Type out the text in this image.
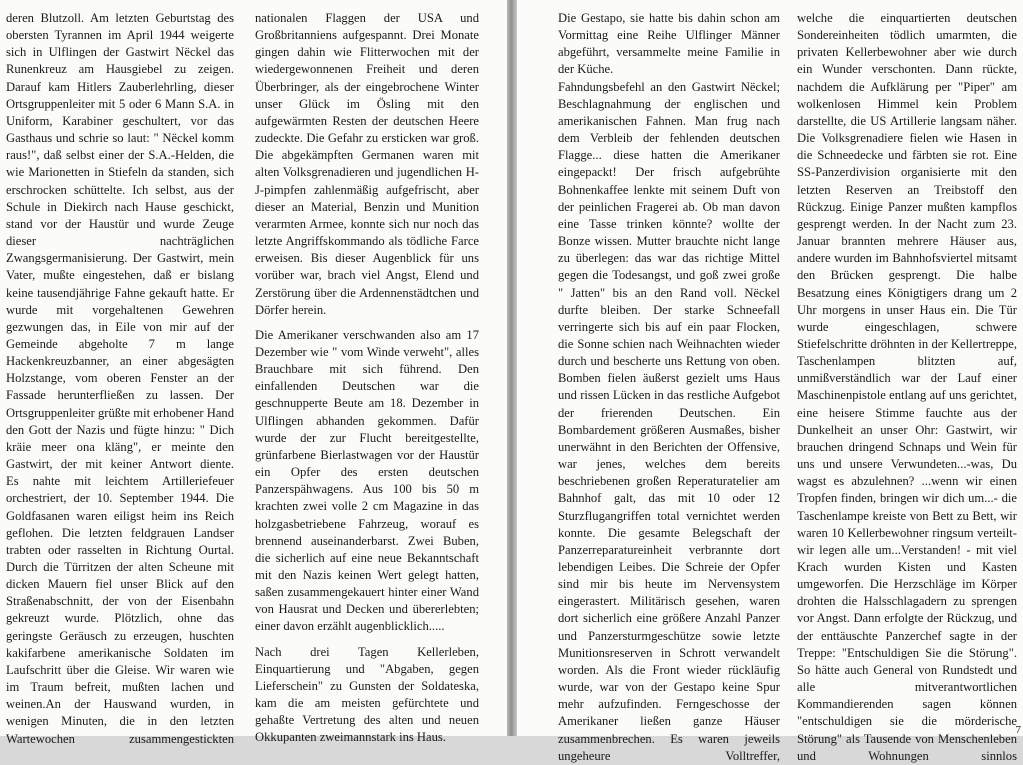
deren Blutzoll. Am letzten Geburtstag des obersten Tyrannen im April 1944 weigerte sich in Ulflingen der Gastwirt Nëckel das Runenkreuz am Hausgiebel zu zeigen. Darauf kam Hitlers Zauberlehrling, dieser Ortsgruppenleiter mit 5 oder 6 Mann S.A. in Uniform, Karabiner geschultert, vor das Gasthaus und schrie so laut: " Nëckel komm raus!", daß selbst einer der S.A.-Helden, die wie Marionetten in Stiefeln da standen, sich erschrocken schüttelte. Ich selbst, aus der Schule in Diekirch nach Hause geschickt, stand vor der Haustür und wurde Zeuge dieser nachträglichen Zwangsgermanisierung. Der Gastwirt, mein Vater, mußte eingestehen, daß er bislang keine tausendjährige Fahne gekauft hatte. Er wurde mit vorgehaltenen Gewehren gezwungen das, in Eile von mir auf der Gemeinde abgeholte 7 m lange Hackenkreuzbanner, an einer abgesägten Holzstange, vom oberen Fenster an der Fassade herunterfließen zu lassen. Der Ortsgruppenleiter grüßte mit erhobener Hand den Gott der Nazis und fügte hinzu: " Dich kräie meer ona kläng", er meinte den Gastwirt, der mit keiner Antwort diente.

Es nahte mit leichtem Artilleriefeuer orchestriert, der 10. September 1944. Die Goldfasanen waren eiligst heim ins Reich geflohen. Die letzten feldgrauen Landser trabten oder rasselten in Richtung Ourtal. Durch die Türritzen der alten Scheune mit dicken Mauern fiel unser Blick auf den Straßenabschnitt, der von der Eisenbahn gekreuzt wurde. Plötzlich, ohne das geringste Geräusch zu erzeugen, huschten kakifarbene amerikanische Soldaten im Laufschritt über die Gleise. Wir waren wie im Traum befreit, mußten lachen und weinen.An der Hauswand wurden, in wenigen Minuten, die in den letzten Wartewochen zusammengestickten

nationalen Flaggen der USA und Großbritanniens aufgespannt. Drei Monate gingen dahin wie Flitterwochen mit der wiedergewonnenen Freiheit und deren Überbringer, als der eingebrochene Winter unser Glück im Ösling mit den aufgewärmten Resten der deutschen Heere zudeckte. Die Gefahr zu ersticken war groß. Die abgekämpften Germanen waren mit alten Volksgrenadieren und jugendlichen H-J-pimpfen zahlenmäßig aufgefrischt, aber dieser an Material, Benzin und Munition verarmten Armee, konnte sich nur noch das letzte Angriffskommando als tödliche Farce erweisen. Bis dieser Augenblick für uns vorüber war, brach viel Angst, Elend und Zerstörung über die Ardennenstädtchen und Dörfer herein.

Die Amerikaner verschwanden also am 17 Dezember wie " vom Winde verweht", alles Brauchbare mit sich führend. Den einfallenden Deutschen war die geschnupperte Beute am 18. Dezember in Ulflingen abhanden gekommen. Dafür wurde der zur Flucht bereitgestellte, grünfarbene Bierlastwagen vor der Haustür ein Opfer des ersten deutschen Panzerspähwagens. Aus 100 bis 50 m krachten zwei volle 2 cm Magazine in das holzgasbetriebene Fahrzeug, worauf es brennend auseinanderbarst. Zwei Buben, die sicherlich auf eine neue Bekanntschaft mit den Nazis keinen Wert gelegt hatten, saßen zusammengekauert hinter einer Wand von Hausrat und Decken und übererlebten; einer davon erzählt augenblicklich.....

Nach drei Tagen Kellerleben, Einquartierung und "Abgaben, gegen Lieferschein" zu Gunsten der Soldateska, kam die am meisten gefürchtete und gehaßte Vertretung des alten und neuen Okkupanten zweimannstark ins Haus.

Die Gestapo, sie hatte bis dahin schon am Vormittag eine Reihe Ulflinger Männer abgeführt, versammelte meine Familie in der Küche.

Fahndungsbefehl an den Gastwirt Nëckel; Beschlagnahmung der englischen und amerikanischen Fahnen. Man frug nach dem Verbleib der fehlenden deutschen Flagge... diese hatten die Amerikaner eingepackt! Der frisch aufgebrühte Bohnenkaffee lenkte mit seinem Duft von der peinlichen Fragerei ab. Ob man davon eine Tasse trinken könnte? wollte der Bonze wissen. Mutter brauchte nicht lange zu überlegen: das war das richtige Mittel gegen die Todesangst, und goß zwei große " Jatten" bis an den Rand voll. Nëckel durfte bleiben. Der starke Schneefall verringerte sich bis auf ein paar Flocken, die Sonne schien nach Weihnachten wieder durch und bescherte uns Rettung von oben. Bomben fielen äußerst gezielt ums Haus und rissen Lücken in das restliche Aufgebot der frierenden Deutschen. Ein Bombardement größeren Ausmaßes, bisher unerwähnt in den Berichten der Offensive, war jenes, welches dem bereits beschriebenen großen Reperaturatelier am Bahnhof galt, das mit 10 oder 12 Sturzflugangriffen total vernichtet werden konnte. Die gesamte Belegschaft der Panzerreparatureinheit verbrannte dort lebendigen Leibes. Die Schreie der Opfer sind mir bis heute im Nervensystem eingerastert. Militärisch gesehen, waren dort sicherlich eine größere Anzahl Panzer und Panzersturmgeschütze sowie letzte Munitionsreserven in Schrott verwandelt worden. Als die Front wieder rückläufig wurde, war von der Gestapo keine Spur mehr aufzufinden. Ferngeschosse der Amerikaner ließen ganze Häuser zusammenbrechen. Es waren jeweils ungeheure Volltreffer,

welche die einquartierten deutschen Sondereinheiten tödlich umarmten, die privaten Kellerbewohner aber wie durch ein Wunder verschonten. Dann rückte, nachdem die Aufklärung per "Piper" am wolkenlosen Himmel kein Problem darstellte, die US Artillerie langsam näher. Die Volksgrenadiere fielen wie Hasen in die Schneedecke und färbten sie rot. Eine SS-Panzerdivision organisierte mit den letzten Reserven an Treibstoff den Rückzug. Einige Panzer mußten kampflos gesprengt werden. In der Nacht zum 23. Januar brannten mehrere Häuser aus, andere wurden im Bahnhofsviertel mitsamt den Brücken gesprengt. Die halbe Besatzung eines Königtigers drang um 2 Uhr morgens in unser Haus ein. Die Tür wurde eingeschlagen, schwere Stiefelschritte dröhnten in der Kellertreppe, Taschenlampen blitzten auf, unmißverständlich war der Lauf einer Maschinenpistole entlang auf uns gerichtet, eine heisere Stimme fauchte aus der Dunkelheit an unser Ohr: Gastwirt, wir brauchen dringend Schnaps und Wein für uns und unsere Verwundeten...-was, Du wagst es abzulehnen? ...wenn wir einen Tropfen finden, bringen wir dich um...- die Taschenlampe kreiste von Bett zu Bett, wir waren 10 Kellerbewohner ringsum verteilt- wir legen alle um...Verstanden! - mit viel Krach wurden Kisten und Kasten umgeworfen. Die Herzschläge im Körper drohten die Halsschlagadern zu sprengen vor Angst. Dann erfolgte der Rückzug, und der enttäuschte Panzerchef sagte in der Treppe: "Entschuldigen Sie die Störung". So hätte auch General von Rundstedt und alle mitverantwortlichen Kommandierenden sagen können "entschuldigen sie die mörderische Störung" als Tausende von Menschenleben und Wohnungen sinnlos

7
